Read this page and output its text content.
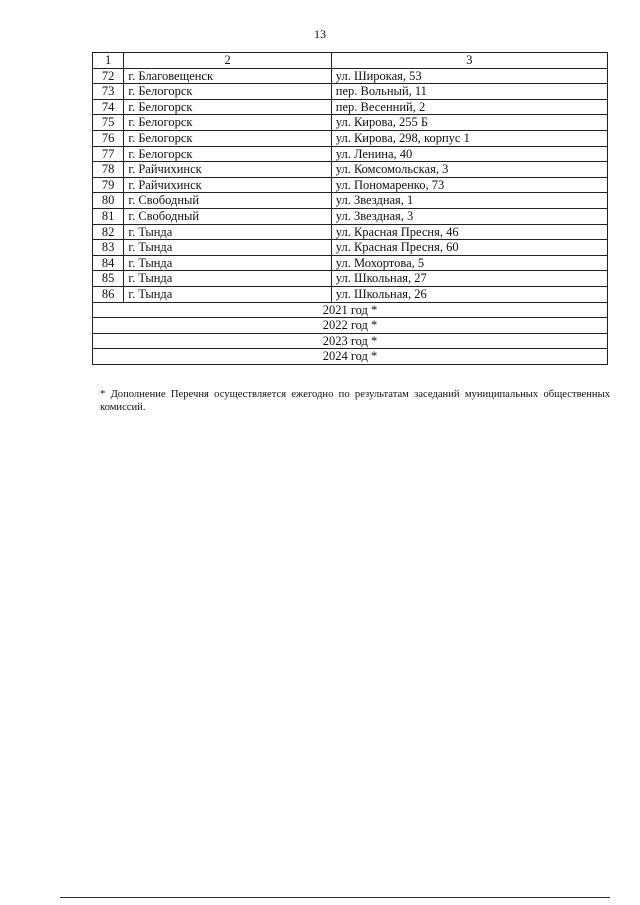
13
1	2	3
72	г. Благовещенск	ул. Широкая, 53
73	г. Белогорск	пер. Вольный, 11
74	г. Белогорск	пер. Весенний, 2
75	г. Белогорск	ул. Кирова, 255 Б
76	г. Белогорск	ул. Кирова, 298, корпус 1
77	г. Белогорск	ул. Ленина, 40
78	г. Райчихинск	ул. Комсомольская, 3
79	г. Райчихинск	ул. Пономаренко, 73
80	г. Свободный	ул. Звездная, 1
81	г. Свободный	ул. Звездная, 3
82	г. Тында	ул. Красная Пресня, 46
83	г. Тында	ул. Красная Пресня, 60
84	г. Тында	ул. Мохортова, 5
85	г. Тында	ул. Школьная, 27
86	г. Тында	ул. Школьная, 26
2021 год *		
2022 год *		
2023 год *		
2024 год *		
* Дополнение Перечня осуществляется ежегодно по результатам заседаний муниципальных общественных комиссий.
